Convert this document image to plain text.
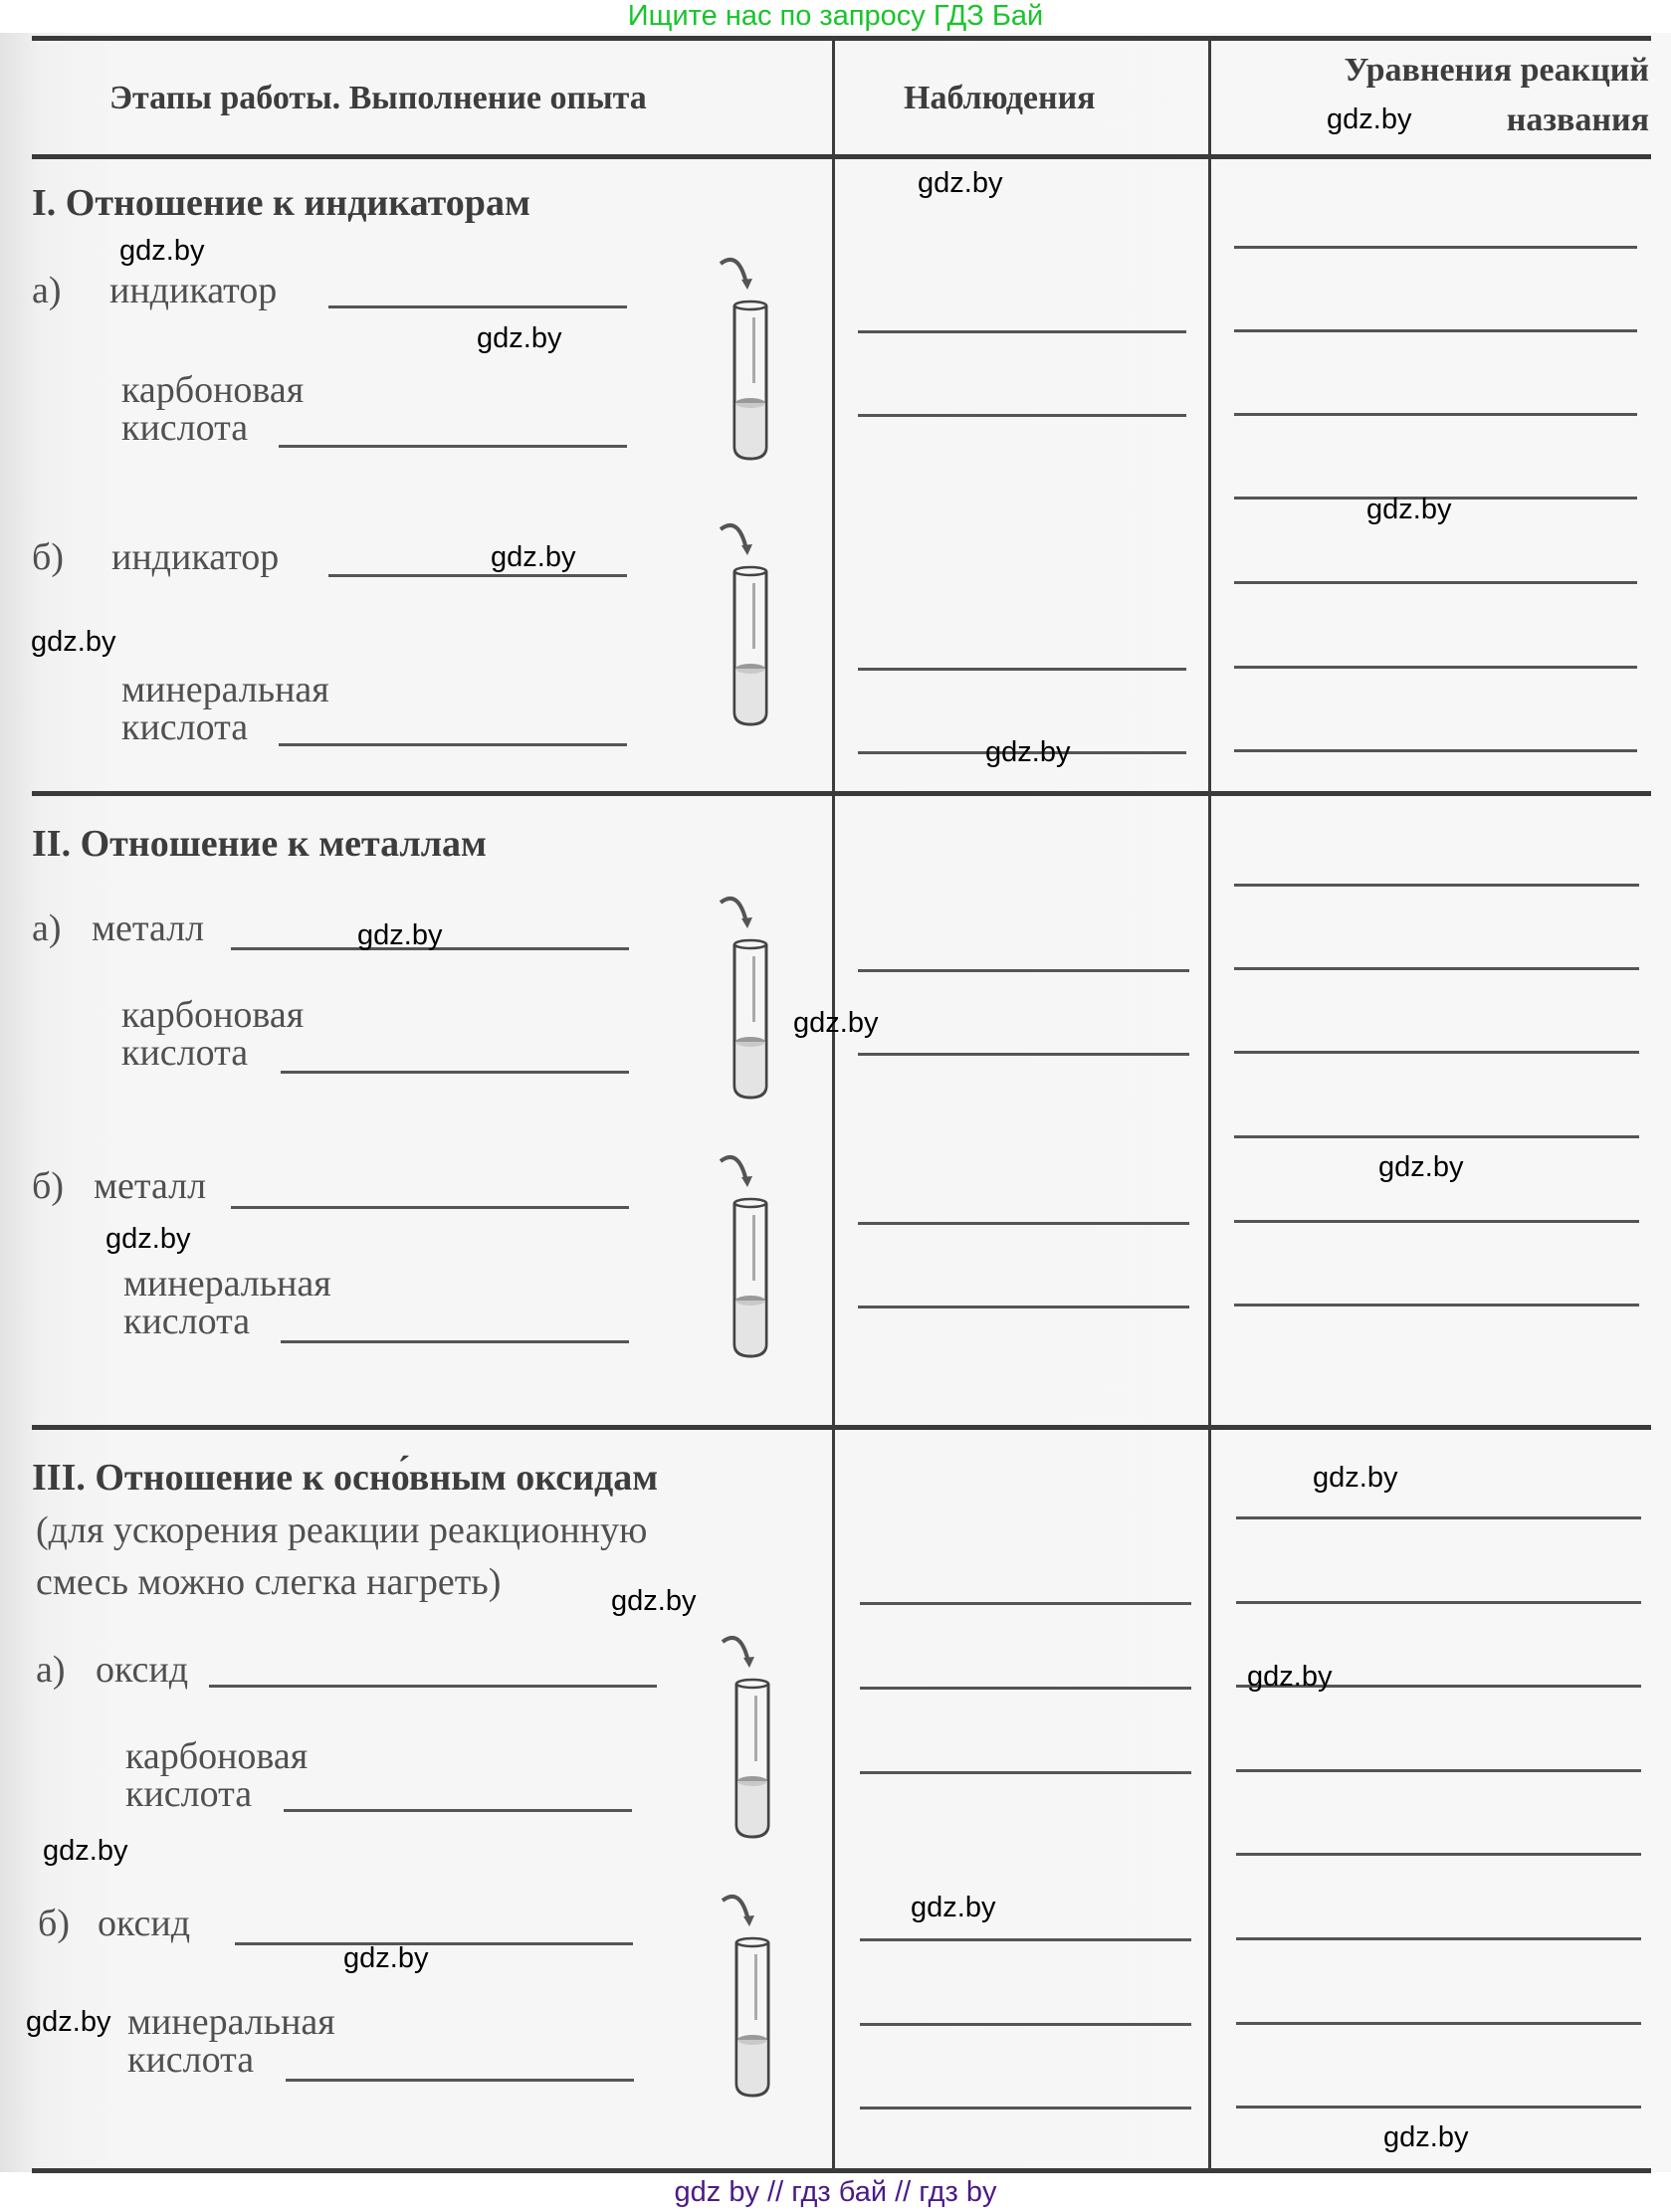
Ищите нас по запросу ГДЗ Бай
Этапы работы. Выполнение опыта	Наблюдения
Уравнения реакций
названия
I. Отношение к индикаторам
а) индикатор
карбоновая
кислота
б) индикатор
минеральная
кислота
II. Отношение к металлам
а) металл
карбоновая
кислота
б) металл
минеральная
кислота
III. Отношение к осно́вным оксидам
(для ускорения реакции реакционную
смесь можно слегка нагреть)
а) оксид
карбоновая
кислота
б) оксид
минеральная
кислота
gdz.by
gdz.by
gdz.by
gdz.by
gdz.by
gdz.by
gdz.by
gdz.by
gdz.by
gdz.by
gdz.by
gdz.by
gdz.by
gdz.by
gdz.by
gdz.by
gdz.by
gdz.by
gdz.by
gdz.by
gdz by // гдз бай // гдз by
